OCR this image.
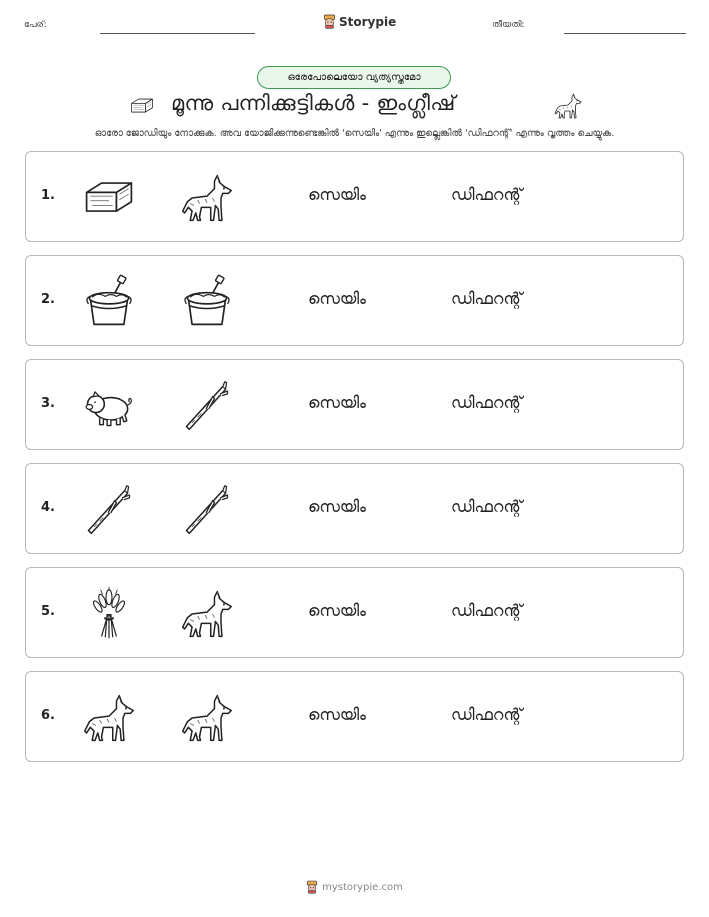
പേര്:	Storypie	തീയതി:
ഒരേപോലെയോ വ്യത്യസ്തമോ
മൂന്നു പന്നിക്കുട്ടികൾ - ഇംഗ്ലീഷ്
ഓരോ ജോഡിയും നോക്കുക. അവ യോജിക്കുന്നുണ്ടെങ്കിൽ 'സെയിം' എന്നും ഇല്ലെങ്കിൽ 'ഡിഫറന്റ്' എന്നും വൃത്തം ചെയ്യുക.
1.	സെയിം	ഡിഫറന്റ്
2.	സെയിം	ഡിഫറന്റ്
3.	സെയിം	ഡിഫറന്റ്
4.	സെയിം	ഡിഫറന്റ്
5.	സെയിം	ഡിഫറന്റ്
6.	സെയിം	ഡിഫറന്റ്
mystorypie.com
